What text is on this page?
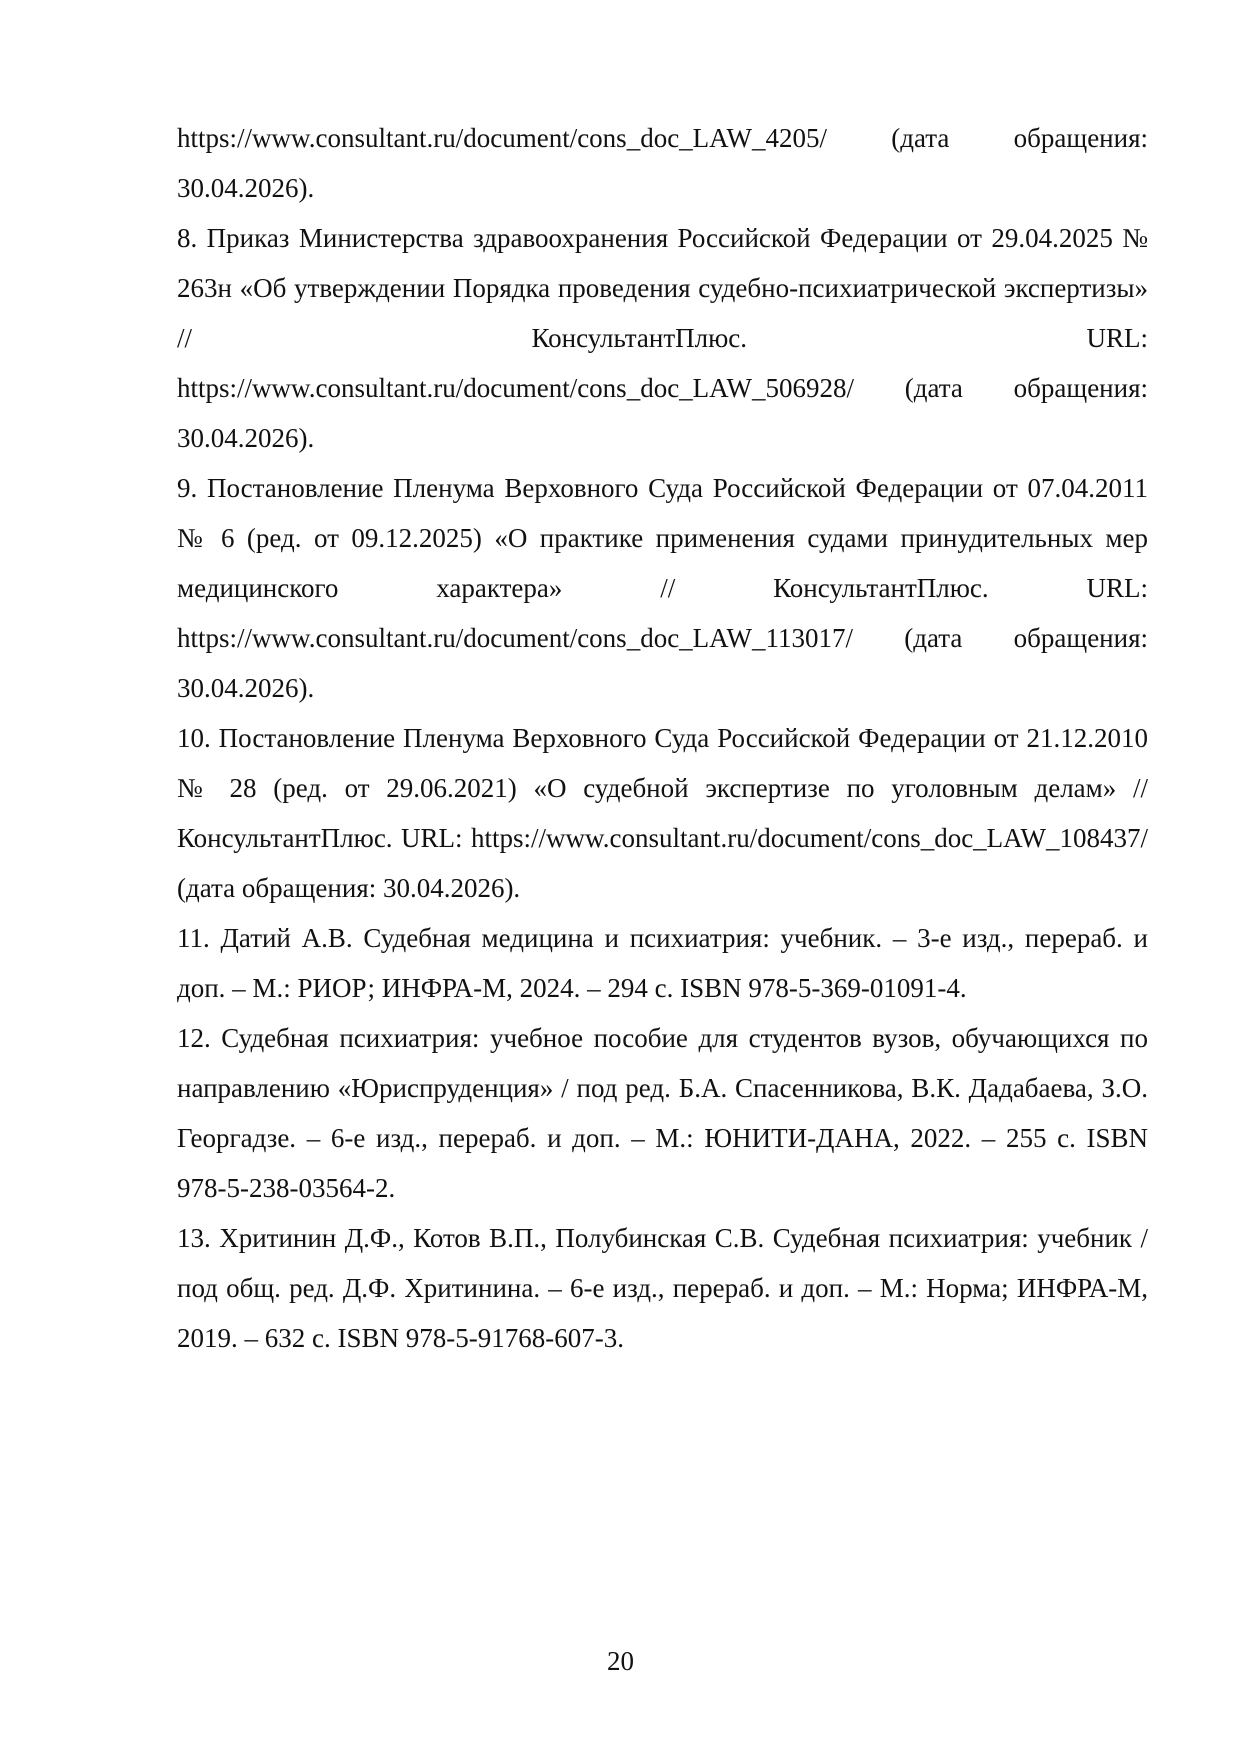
https://www.consultant.ru/document/cons_doc_LAW_4205/ (дата обращения: 30.04.2026).

8. Приказ Министерства здравоохранения Российской Федерации от 29.04.2025 № 263н «Об утверждении Порядка проведения судебно-психиатрической экспертизы» // КонсультантПлюс. URL: https://www.consultant.ru/document/cons_doc_LAW_506928/ (дата обращения: 30.04.2026).

9. Постановление Пленума Верховного Суда Российской Федерации от 07.04.2011 № 6 (ред. от 09.12.2025) «О практике применения судами принудительных мер медицинского характера» // КонсультантПлюс. URL: https://www.consultant.ru/document/cons_doc_LAW_113017/ (дата обращения: 30.04.2026).

10. Постановление Пленума Верховного Суда Российской Федерации от 21.12.2010 № 28 (ред. от 29.06.2021) «О судебной экспертизе по уголовным делам» // КонсультантПлюс. URL: https://www.consultant.ru/document/cons_doc_LAW_108437/ (дата обращения: 30.04.2026).

11. Датий А.В. Судебная медицина и психиатрия: учебник. – 3-е изд., перераб. и доп. – М.: РИОР; ИНФРА-М, 2024. – 294 с. ISBN 978-5-369-01091-4.

12. Судебная психиатрия: учебное пособие для студентов вузов, обучающихся по направлению «Юриспруденция» / под ред. Б.А. Спасенникова, В.К. Дадабаева, З.О. Георгадзе. – 6-е изд., перераб. и доп. – М.: ЮНИТИ-ДАНА, 2022. – 255 с. ISBN 978-5-238-03564-2.

13. Хритинин Д.Ф., Котов В.П., Полубинская С.В. Судебная психиатрия: учебник / под общ. ред. Д.Ф. Хритинина. – 6-е изд., перераб. и доп. – М.: Норма; ИНФРА-М, 2019. – 632 с. ISBN 978-5-91768-607-3.

20
